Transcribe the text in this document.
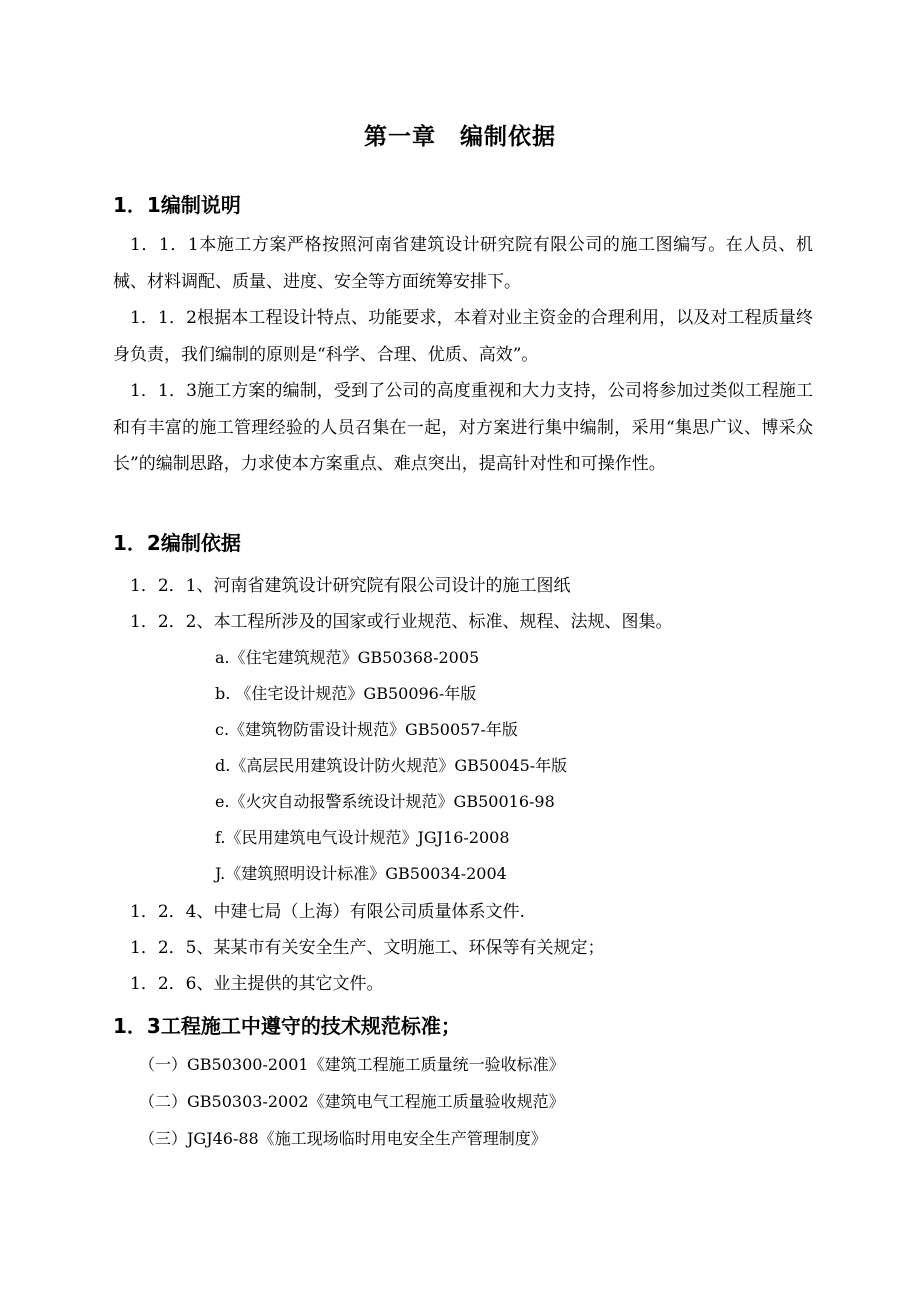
第一章　编制依据
1．1编制说明
1．1．1本施工方案严格按照河南省建筑设计研究院有限公司的施工图编写。在人员、机械、材料调配、质量、进度、安全等方面统筹安排下。
1．1．2根据本工程设计特点、功能要求，本着对业主资金的合理利用，以及对工程质量终身负责，我们编制的原则是“科学、合理、优质、高效”。
1．1．3施工方案的编制，受到了公司的高度重视和大力支持，公司将参加过类似工程施工和有丰富的施工管理经验的人员召集在一起，对方案进行集中编制，采用“集思广议、博采众长”的编制思路，力求使本方案重点、难点突出，提高针对性和可操作性。
1．2编制依据
1．2．1、河南省建筑设计研究院有限公司设计的施工图纸
1．2．2、本工程所涉及的国家或行业规范、标准、规程、法规、图集。
a.《住宅建筑规范》GB50368-2005
b. 《住宅设计规范》GB50096-年版
c.《建筑物防雷设计规范》GB50057-年版
d.《高层民用建筑设计防火规范》GB50045-年版
e.《火灾自动报警系统设计规范》GB50016-98
f.《民用建筑电气设计规范》JGJ16-2008
J.《建筑照明设计标准》GB50034-2004
1．2．4、中建七局（上海）有限公司质量体系文件.
1．2．5、某某市有关安全生产、文明施工、环保等有关规定；
1．2．6、业主提供的其它文件。
1．3工程施工中遵守的技术规范标准；
（一）GB50300-2001《建筑工程施工质量统一验收标准》
（二）GB50303-2002《建筑电气工程施工质量验收规范》
（三）JGJ46-88《施工现场临时用电安全生产管理制度》
